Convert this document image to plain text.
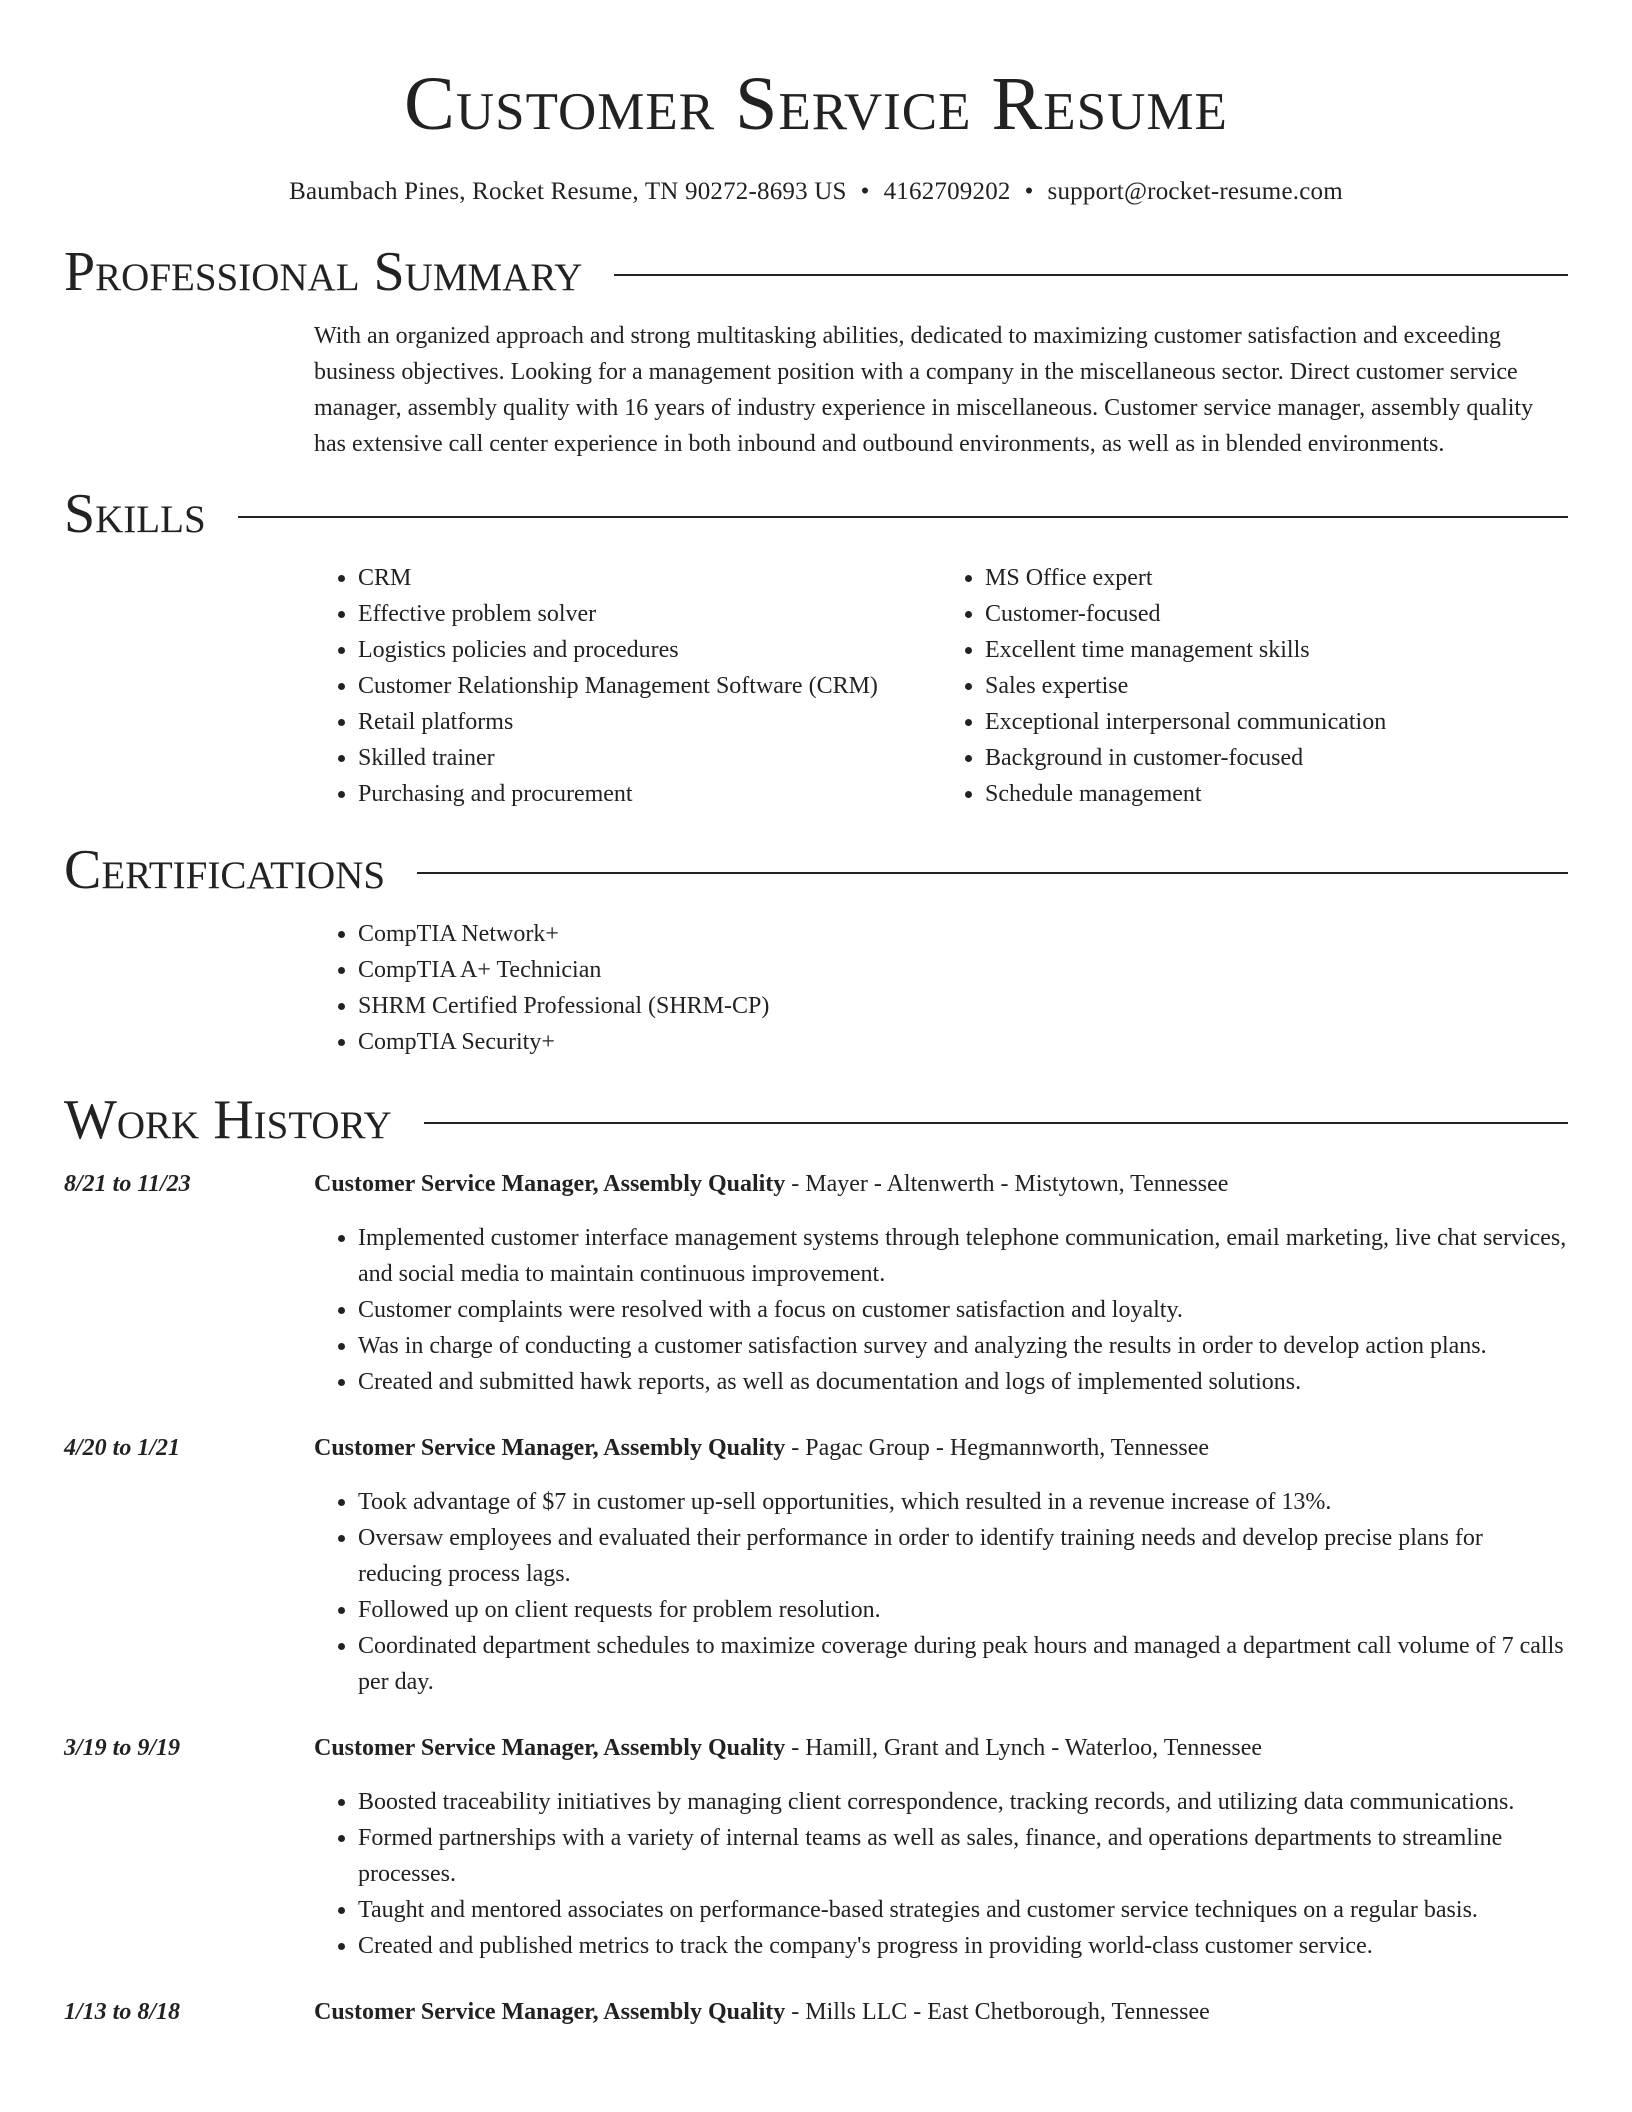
Customer Service Resume
Baumbach Pines, Rocket Resume, TN 90272-8693 US • 4162709202 • support@rocket-resume.com
Professional Summary

With an organized approach and strong multitasking abilities, dedicated to maximizing customer satisfaction and exceeding business objectives. Looking for a management position with a company in the miscellaneous sector. Direct customer service manager, assembly quality with 16 years of industry experience in miscellaneous. Customer service manager, assembly quality has extensive call center experience in both inbound and outbound environments, as well as in blended environments.

Skills
• CRM
• Effective problem solver
• Logistics policies and procedures
• Customer Relationship Management Software (CRM)
• Retail platforms
• Skilled trainer
• Purchasing and procurement
• MS Office expert
• Customer-focused
• Excellent time management skills
• Sales expertise
• Exceptional interpersonal communication
• Background in customer-focused
• Schedule management
Certifications
• CompTIA Network+
• CompTIA A+ Technician
• SHRM Certified Professional (SHRM-CP)
• CompTIA Security+
Work History
8/21 to 11/23	Customer Service Manager, Assembly Quality - Mayer - Altenwerth - Mistytown, Tennessee
• Implemented customer interface management systems through telephone communication, email marketing, live chat services, and social media to maintain continuous improvement.
• Customer complaints were resolved with a focus on customer satisfaction and loyalty.
• Was in charge of conducting a customer satisfaction survey and analyzing the results in order to develop action plans.
• Created and submitted hawk reports, as well as documentation and logs of implemented solutions.
4/20 to 1/21	Customer Service Manager, Assembly Quality - Pagac Group - Hegmannworth, Tennessee
• Took advantage of $7 in customer up-sell opportunities, which resulted in a revenue increase of 13%.
• Oversaw employees and evaluated their performance in order to identify training needs and develop precise plans for reducing process lags.
• Followed up on client requests for problem resolution.
• Coordinated department schedules to maximize coverage during peak hours and managed a department call volume of 7 calls per day.
3/19 to 9/19	Customer Service Manager, Assembly Quality - Hamill, Grant and Lynch - Waterloo, Tennessee
• Boosted traceability initiatives by managing client correspondence, tracking records, and utilizing data communications.
• Formed partnerships with a variety of internal teams as well as sales, finance, and operations departments to streamline processes.
• Taught and mentored associates on performance-based strategies and customer service techniques on a regular basis.
• Created and published metrics to track the company's progress in providing world-class customer service.
1/13 to 8/18	Customer Service Manager, Assembly Quality - Mills LLC - East Chetborough, Tennessee
